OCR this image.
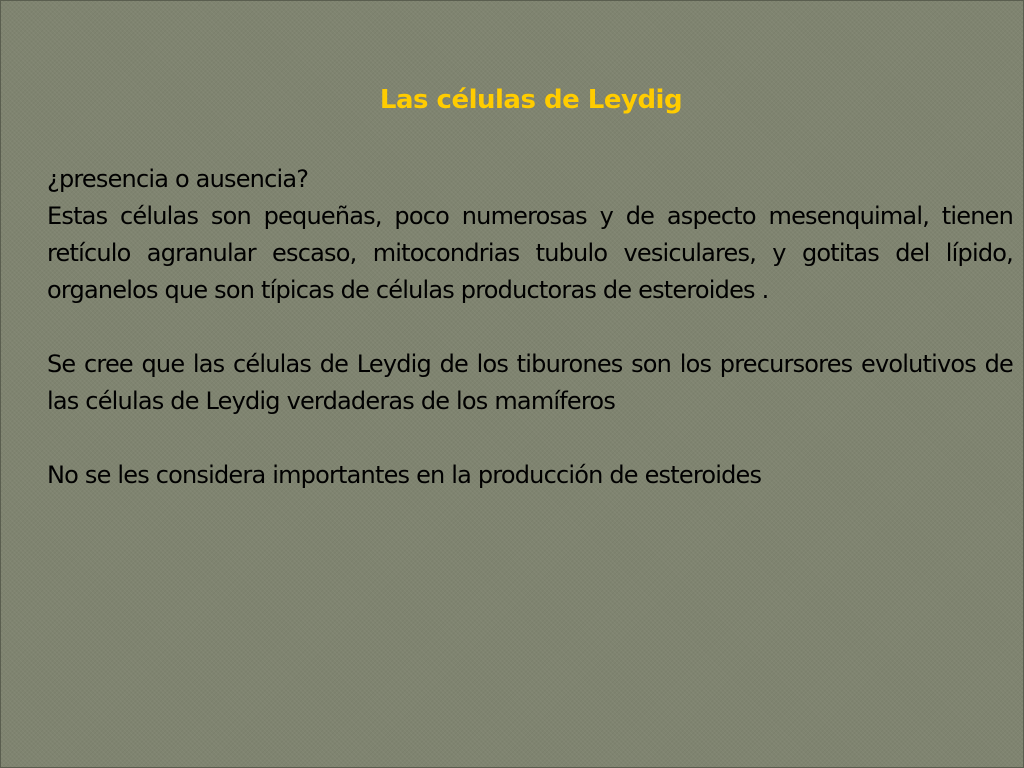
Las células de Leydig

¿presencia o ausencia?

Estas células son pequeñas, poco numerosas y de aspecto mesenquimal, tienen retículo agranular escaso, mitocondrias tubulo vesiculares, y gotitas del lípido, organelos que son típicas de células productoras de esteroides .

Se cree que las células de Leydig de los tiburones son los precursores evolutivos de las células de Leydig verdaderas de los mamíferos

No se les considera importantes en la producción de esteroides
